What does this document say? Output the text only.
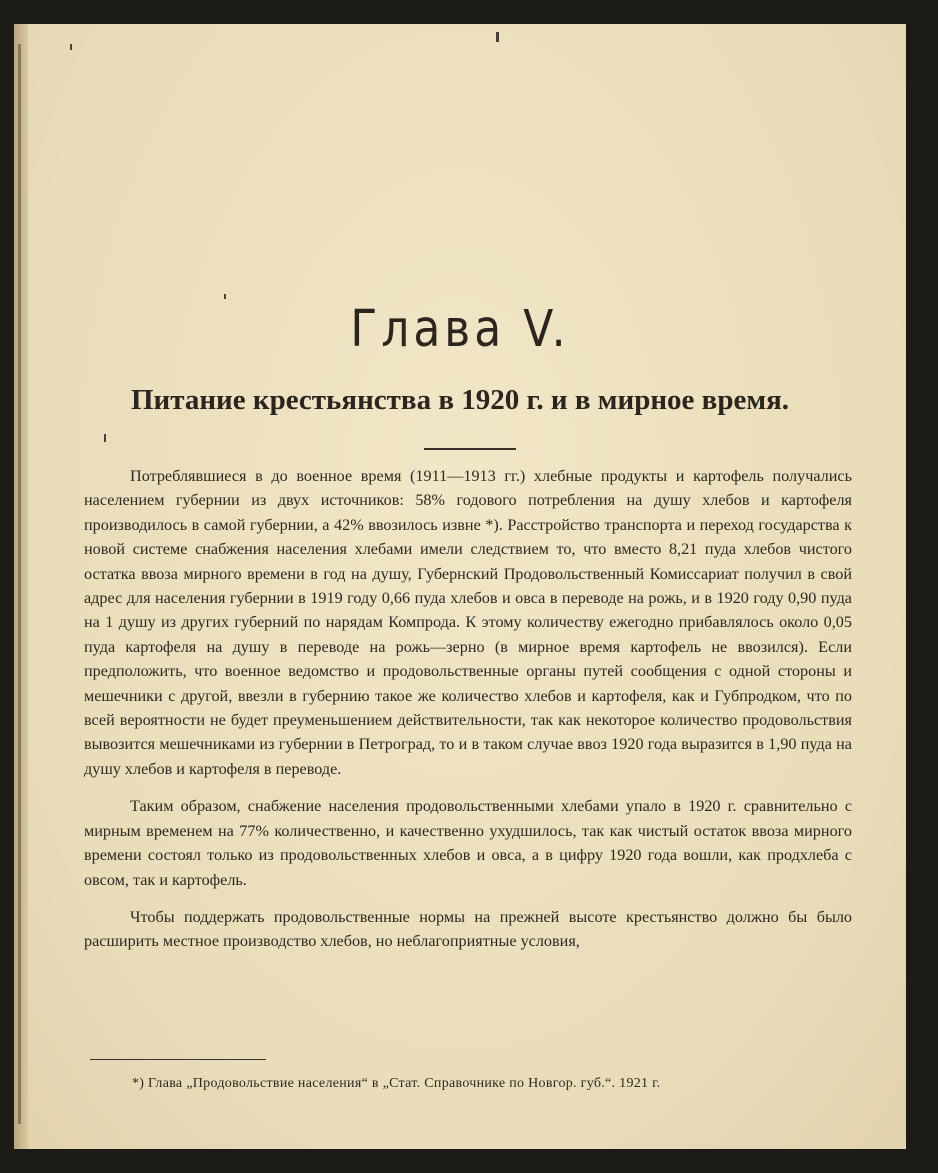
Глава V.
Питание крестьянства в 1920 г. и в мирное время.

Потреблявшиеся в до военное время (1911—1913 гг.) хлебные продукты и картофель получались населением губернии из двух источников: 58% годового потребления на душу хлебов и картофеля производилось в самой губернии, а 42% ввозилось извне *). Расстройство транспорта и переход государства к новой системе снабжения населения хлебами имели следствием то, что вместо 8,21 пуда хлебов чистого остатка ввоза мирного времени в год на душу, Губернский Продовольственный Комиссариат получил в свой адрес для населения губернии в 1919 году 0,66 пуда хлебов и овса в переводе на рожь, и в 1920 году 0,90 пуда на 1 душу из других губерний по нарядам Компрода. К этому количеству ежегодно прибавлялось около 0,05 пуда картофеля на душу в переводе на рожь—зерно (в мирное время картофель не ввозился). Если предположить, что военное ведомство и продовольственные органы путей сообщения с одной стороны и мешечники с другой, ввезли в губернию такое же количество хлебов и картофеля, как и Губпродком, что по всей вероятности не будет преуменьшением действительности, так как некоторое количество продовольствия вывозится мешечниками из губернии в Петроград, то и в таком случае ввоз 1920 года выразится в 1,90 пуда на душу хлебов и картофеля в переводе.

Таким образом, снабжение населения продовольственными хлебами упало в 1920 г. сравнительно с мирным временем на 77% количественно, и качественно ухудшилось, так как чистый остаток ввоза мирного времени состоял только из продовольственных хлебов и овса, а в цифру 1920 года вошли, как продхлеба с овсом, так и картофель.

Чтобы поддержать продовольственные нормы на прежней высоте крестьянство должно бы было расширить местное производство хлебов, но неблагоприятные условия,

*) Глава „Продовольствие населения“ в „Стат. Справочнике по Новгор. губ.“. 1921 г.
